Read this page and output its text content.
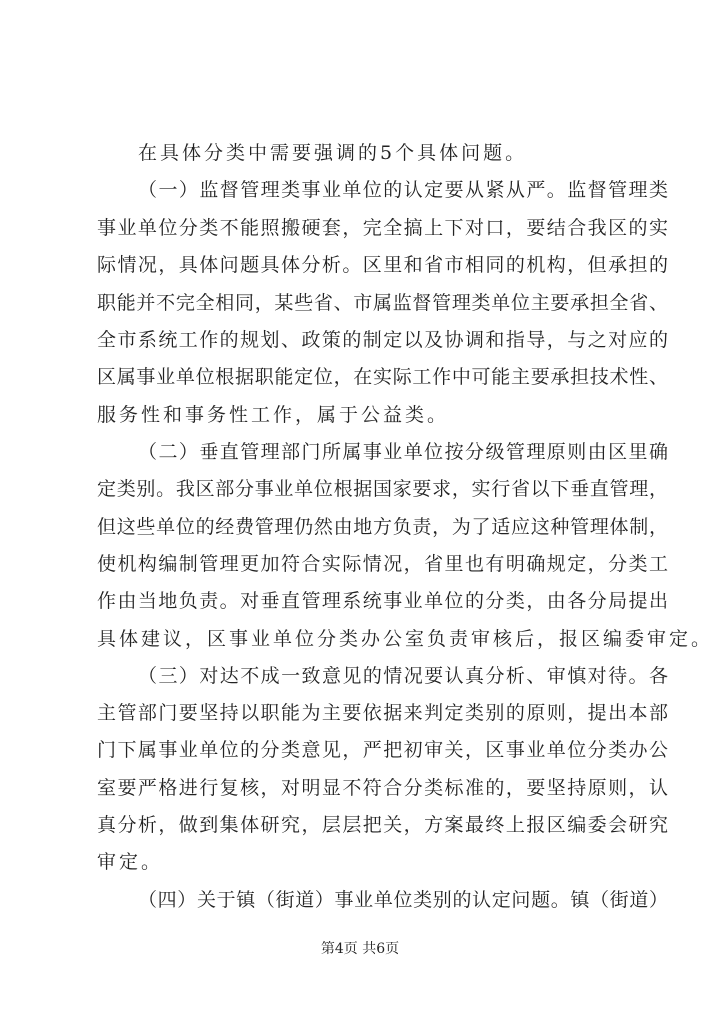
在具体分类中需要强调的5个具体问题。
（一）监督管理类事业单位的认定要从紧从严。监督管理类
事业单位分类不能照搬硬套，完全搞上下对口，要结合我区的实
际情况，具体问题具体分析。区里和省市相同的机构，但承担的
职能并不完全相同，某些省、市属监督管理类单位主要承担全省、
全市系统工作的规划、政策的制定以及协调和指导，与之对应的
区属事业单位根据职能定位，在实际工作中可能主要承担技术性、
服务性和事务性工作，属于公益类。
（二）垂直管理部门所属事业单位按分级管理原则由区里确
定类别。我区部分事业单位根据国家要求，实行省以下垂直管理，
但这些单位的经费管理仍然由地方负责，为了适应这种管理体制，
使机构编制管理更加符合实际情况，省里也有明确规定，分类工
作由当地负责。对垂直管理系统事业单位的分类，由各分局提出
具体建议，区事业单位分类办公室负责审核后，报区编委审定。
（三）对达不成一致意见的情况要认真分析、审慎对待。各
主管部门要坚持以职能为主要依据来判定类别的原则，提出本部
门下属事业单位的分类意见，严把初审关，区事业单位分类办公
室要严格进行复核，对明显不符合分类标准的，要坚持原则，认
真分析，做到集体研究，层层把关，方案最终上报区编委会研究
审定。
（四）关于镇（街道）事业单位类别的认定问题。镇（街道）
第4页 共6页
